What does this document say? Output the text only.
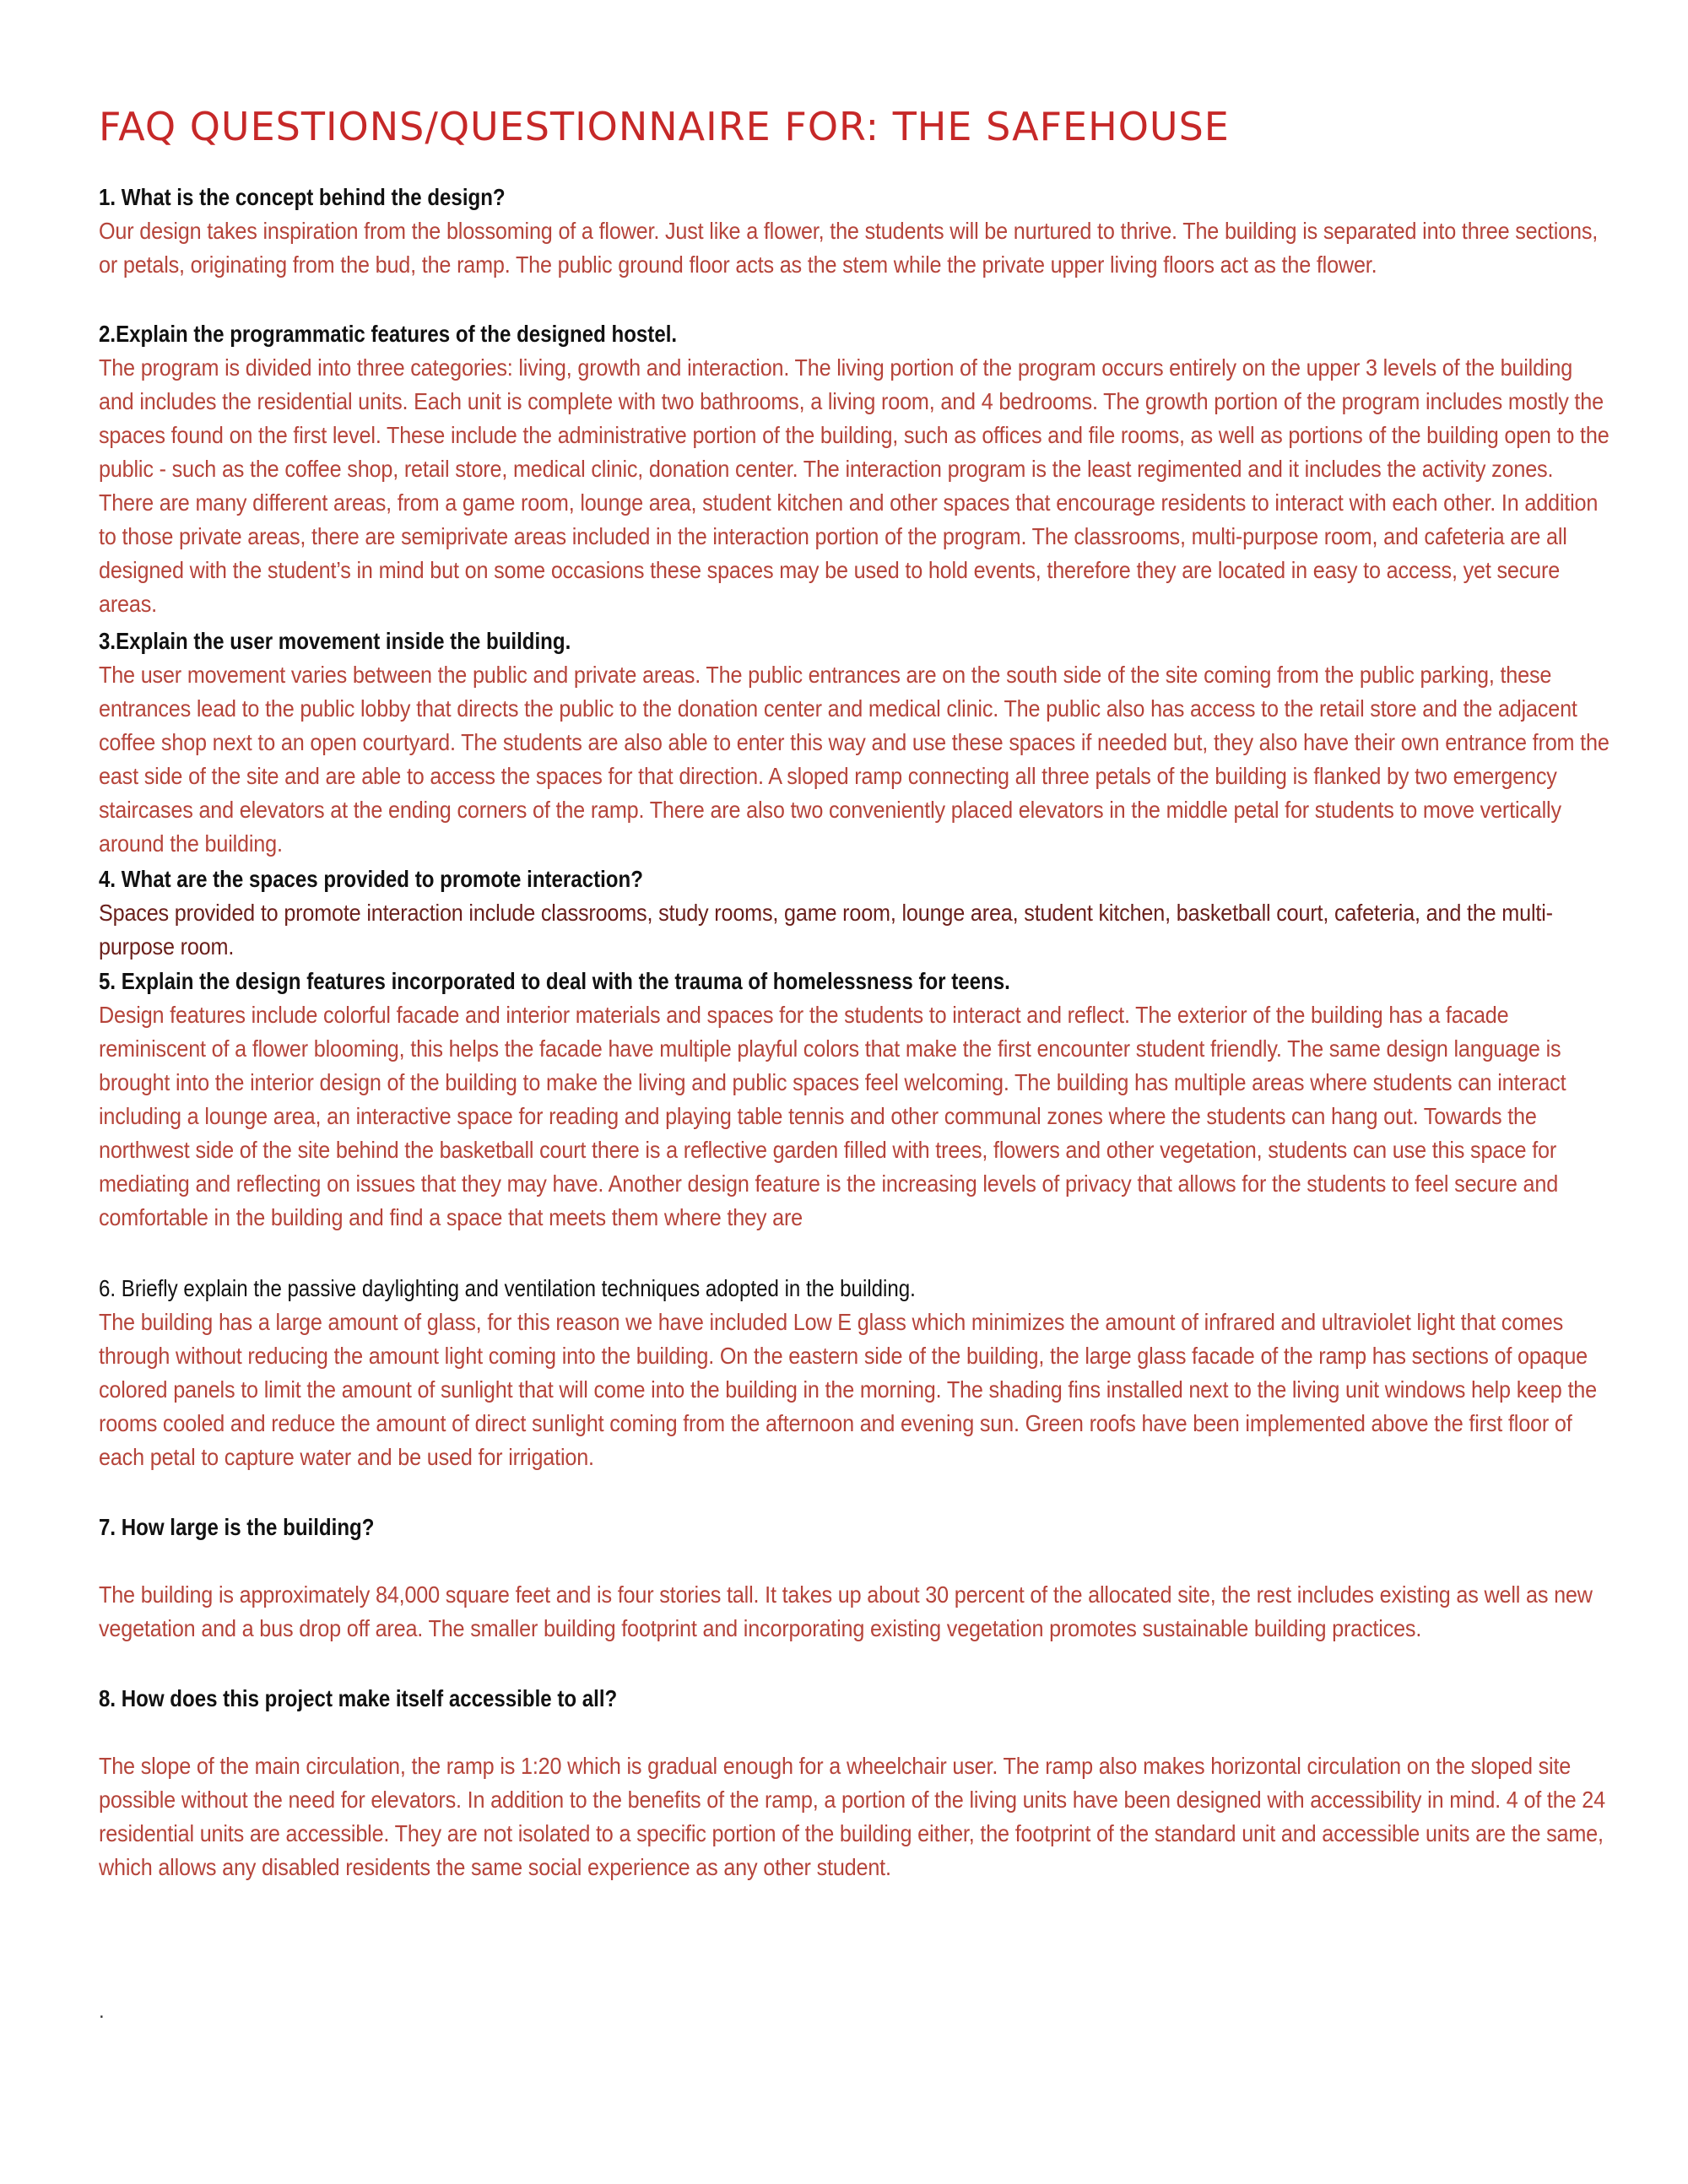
FAQ QUESTIONS/QUESTIONNAIRE FOR: THE SAFEHOUSE

1. What is the concept behind the design?

Our design takes inspiration from the blossoming of a flower. Just like a flower, the students will be nurtured to thrive. The building is separated into three sections, or petals, originating from the bud, the ramp. The public ground floor acts as the stem while the private upper living floors act as the flower.

2.Explain the programmatic features of the designed hostel.

The program is divided into three categories: living, growth and interaction. The living portion of the program occurs entirely on the upper 3 levels of the building and includes the residential units. Each unit is complete with two bathrooms, a living room, and 4 bedrooms. The growth portion of the program includes mostly the spaces found on the first level. These include the administrative portion of the building, such as offices and file rooms, as well as portions of the building open to the public - such as the coffee shop, retail store, medical clinic, donation center. The interaction program is the least regimented and it includes the activity zones. There are many different areas, from a game room, lounge area, student kitchen and other spaces that encourage residents to interact with each other. In addition to those private areas, there are semiprivate areas included in the interaction portion of the program. The classrooms, multi-purpose room, and cafeteria are all designed with the student’s in mind but on some occasions these spaces may be used to hold events, therefore they are located in easy to access, yet secure areas.

3.Explain the user movement inside the building.

The user movement varies between the public and private areas. The public entrances are on the south side of the site coming from the public parking, these entrances lead to the public lobby that directs the public to the donation center and medical clinic. The public also has access to the retail store and the adjacent coffee shop next to an open courtyard. The students are also able to enter this way and use these spaces if needed but, they also have their own entrance from the east side of the site and are able to access the spaces for that direction. A sloped ramp connecting all three petals of the building is flanked by two emergency staircases and elevators at the ending corners of the ramp. There are also two conveniently placed elevators in the middle petal for students to move vertically around the building.

4. What are the spaces provided to promote interaction?

Spaces provided to promote interaction include classrooms, study rooms, game room, lounge area, student kitchen, basketball court, cafeteria, and the multi-purpose room.

5. Explain the design features incorporated to deal with the trauma of homelessness for teens.

Design features include colorful facade and interior materials and spaces for the students to interact and reflect. The exterior of the building has a facade reminiscent of a flower blooming, this helps the facade have multiple playful colors that make the first encounter student friendly. The same design language is brought into the interior design of the building to make the living and public spaces feel welcoming. The building has multiple areas where students can interact including a lounge area, an interactive space for reading and playing table tennis and other communal zones where the students can hang out. Towards the northwest side of the site behind the basketball court there is a reflective garden filled with trees, flowers and other vegetation, students can use this space for mediating and reflecting on issues that they may have. Another design feature is the increasing levels of privacy that allows for the students to feel secure and comfortable in the building and find a space that meets them where they are

6. Briefly explain the passive daylighting and ventilation techniques adopted in the building.

The building has a large amount of glass, for this reason we have included Low E glass which minimizes the amount of infrared and ultraviolet light that comes through without reducing the amount light coming into the building. On the eastern side of the building, the large glass facade of the ramp has sections of opaque colored panels to limit the amount of sunlight that will come into the building in the morning. The shading fins installed next to the living unit windows help keep the rooms cooled and reduce the amount of direct sunlight coming from the afternoon and evening sun. Green roofs have been implemented above the first floor of each petal to capture water and be used for irrigation.

7. How large is the building?

The building is approximately 84,000 square feet and is four stories tall. It takes up about 30 percent of the allocated site, the rest includes existing as well as new vegetation and a bus drop off area. The smaller building footprint and incorporating existing vegetation promotes sustainable building practices.

8. How does this project make itself accessible to all?

The slope of the main circulation, the ramp is 1:20 which is gradual enough for a wheelchair user. The ramp also makes horizontal circulation on the sloped site possible without the need for elevators. In addition to the benefits of the ramp, a portion of the living units have been designed with accessibility in mind. 4 of the 24 residential units are accessible. They are not isolated to a specific portion of the building either, the footprint of the standard unit and accessible units are the same, which allows any disabled residents the same social experience as any other student.

.
